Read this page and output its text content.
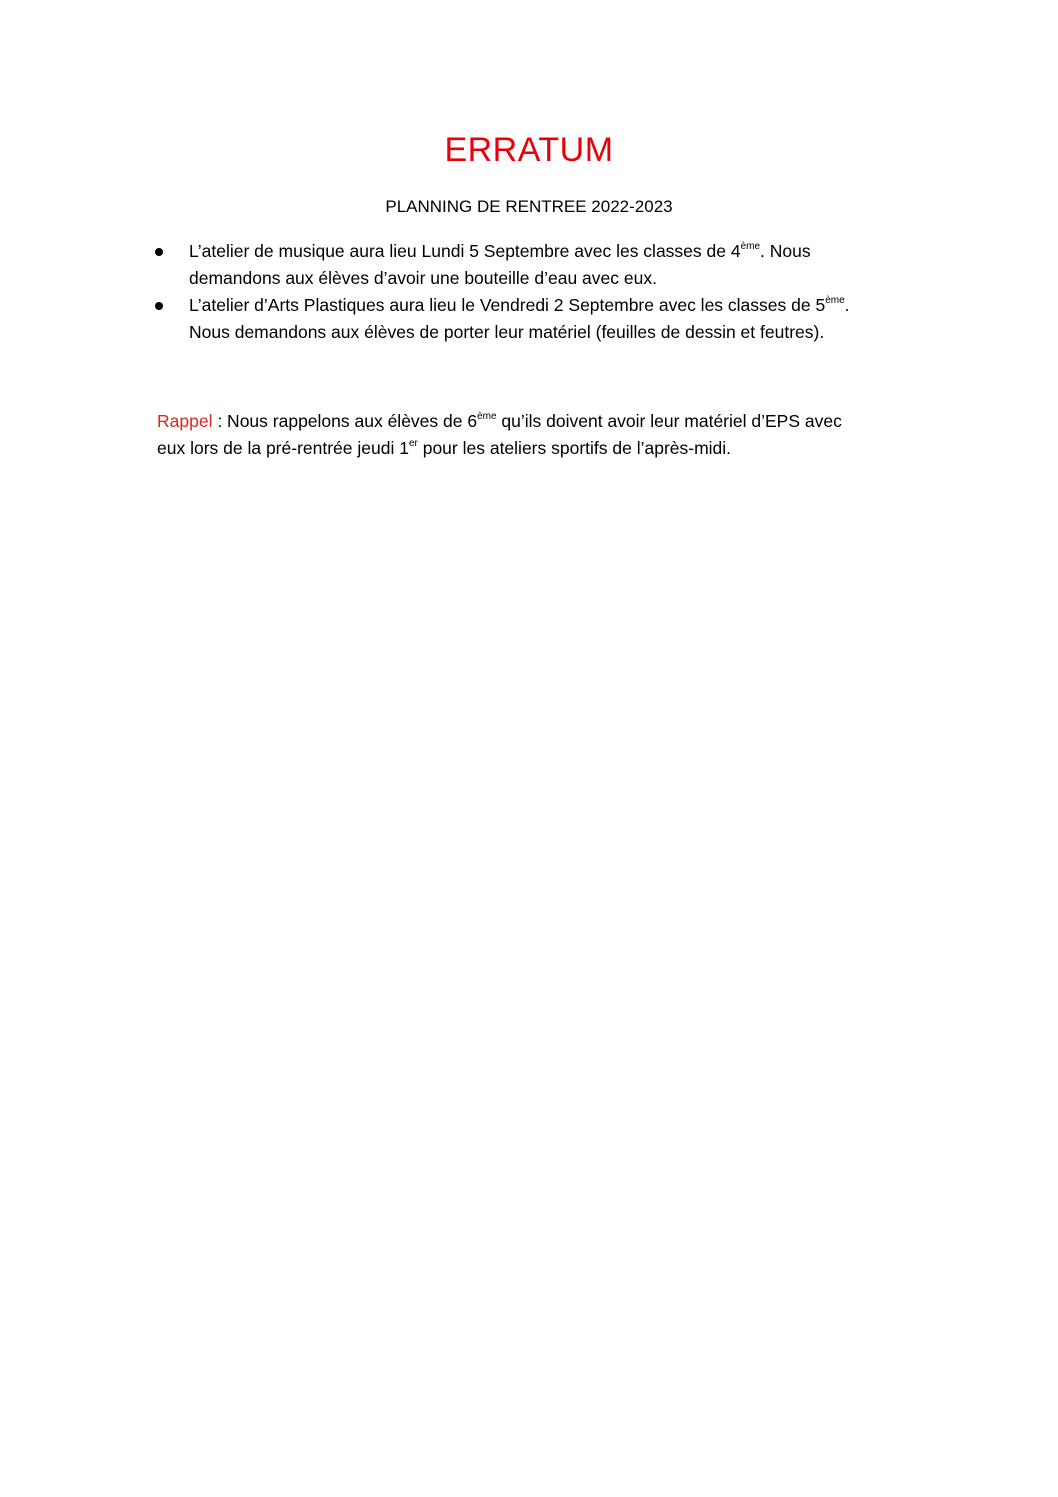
ERRATUM
PLANNING DE RENTREE 2022-2023
L’atelier de musique aura lieu Lundi 5 Septembre avec les classes de 4ème. Nous
demandons aux élèves d’avoir une bouteille d’eau avec eux.
L’atelier d’Arts Plastiques aura lieu le Vendredi 2 Septembre avec les classes de 5ème.
Nous demandons aux élèves de porter leur matériel (feuilles de dessin et feutres).

Rappel : Nous rappelons aux élèves de 6ème qu’ils doivent avoir leur matériel d’EPS avec
eux lors de la pré-rentrée jeudi 1er pour les ateliers sportifs de l’après-midi.
